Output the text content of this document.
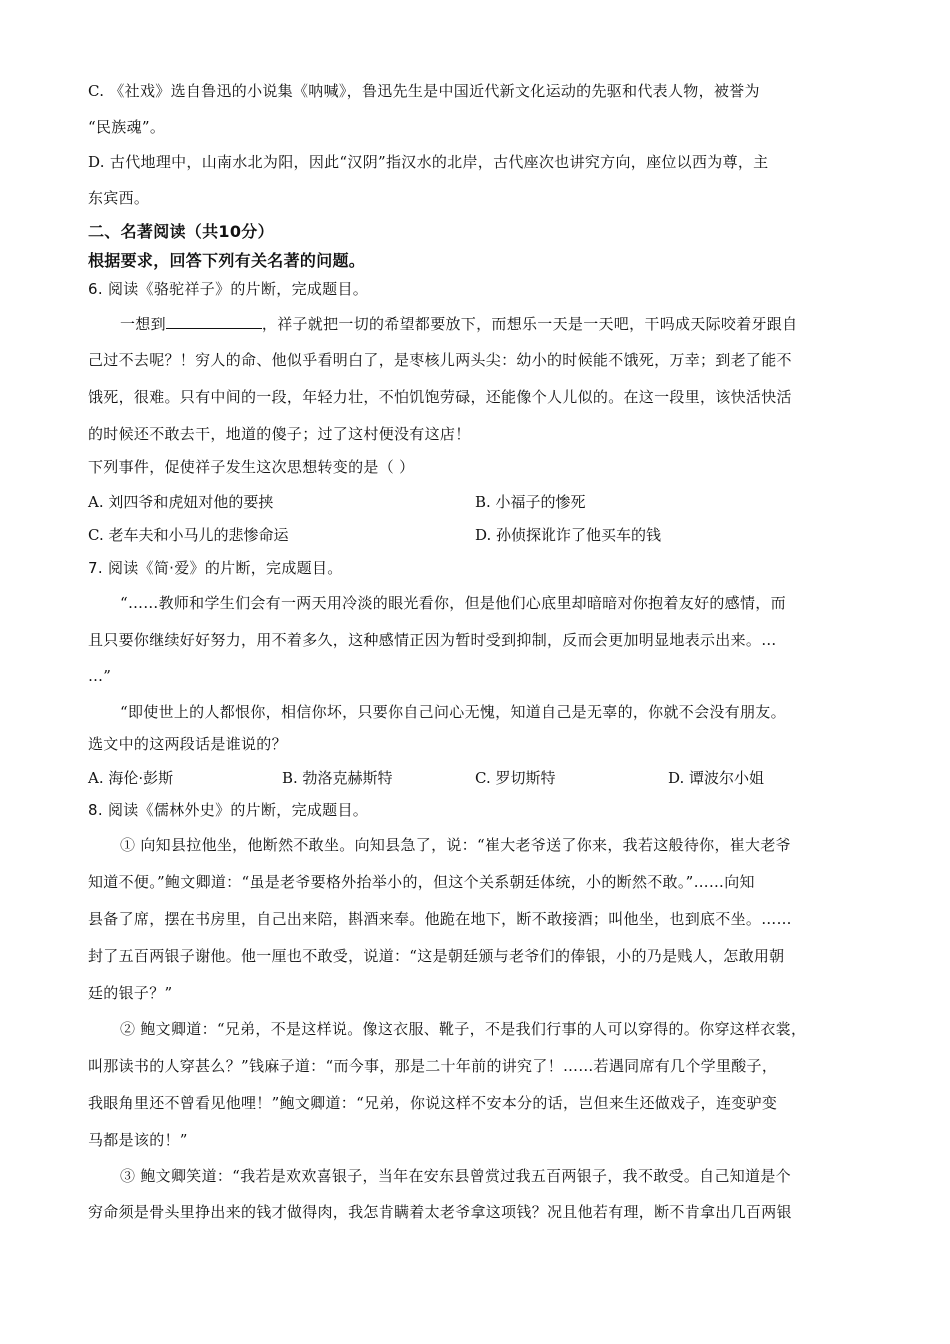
C. 《社戏》选自鲁迅的小说集《呐喊》，鲁迅先生是中国近代新文化运动的先驱和代表人物，被誉为
“民族魂”。
D. 古代地理中，山南水北为阳，因此“汉阴”指汉水的北岸，古代座次也讲究方向，座位以西为尊，主
东宾西。
二、名著阅读（共10分）
根据要求，回答下列有关名著的问题。
6. 阅读《骆驼祥子》的片断，完成题目。
一想到	，祥子就把一切的希望都要放下，而想乐一天是一天吧，干吗成天际咬着牙跟自
己过不去呢？！穷人的命、他似乎看明白了，是枣核儿两头尖：幼小的时候能不饿死，万幸；到老了能不
饿死，很难。只有中间的一段，年轻力壮，不怕饥饱劳碌，还能像个人儿似的。在这一段里，该快活快活
的时候还不敢去干，地道的傻子；过了这村便没有这店！
下列事件，促使祥子发生这次思想转变的是（ ）
A. 刘四爷和虎妞对他的要挟	B. 小福子的惨死
C. 老车夫和小马儿的悲惨命运	D. 孙侦探讹诈了他买车的钱
7. 阅读《简·爱》的片断，完成题目。
“……教师和学生们会有一两天用冷淡的眼光看你，但是他们心底里却暗暗对你抱着友好的感情，而
且只要你继续好好努力，用不着多久，这种感情正因为暂时受到抑制，反而会更加明显地表示出来。…
…”
“即使世上的人都恨你，相信你坏，只要你自己问心无愧，知道自己是无辜的，你就不会没有朋友。
选文中的这两段话是谁说的？
A. 海伦·彭斯	B. 勃洛克赫斯特	C. 罗切斯特	D. 谭波尔小姐
8. 阅读《儒林外史》的片断，完成题目。
① 向知县拉他坐，他断然不敢坐。向知县急了，说：“崔大老爷送了你来，我若这般待你，崔大老爷
知道不便。”鲍文卿道：“虽是老爷要格外抬举小的，但这个关系朝廷体统，小的断然不敢。”……向知
县备了席，摆在书房里，自己出来陪，斟酒来奉。他跪在地下，断不敢接酒；叫他坐，也到底不坐。……
封了五百两银子谢他。他一厘也不敢受，说道：“这是朝廷颁与老爷们的俸银，小的乃是贱人，怎敢用朝
廷的银子？”
② 鲍文卿道：“兄弟，不是这样说。像这衣服、靴子，不是我们行事的人可以穿得的。你穿这样衣裳，
叫那读书的人穿甚么？”钱麻子道：“而今事，那是二十年前的讲究了！……若遇同席有几个学里酸子，
我眼角里还不曾看见他哩！”鲍文卿道：“兄弟，你说这样不安本分的话，岂但来生还做戏子，连变驴变
马都是该的！”
③ 鲍文卿笑道：“我若是欢欢喜银子，当年在安东县曾赏过我五百两银子，我不敢受。自己知道是个
穷命须是骨头里挣出来的钱才做得肉，我怎肯瞒着太老爷拿这项钱？况且他若有理，断不肯拿出几百两银
